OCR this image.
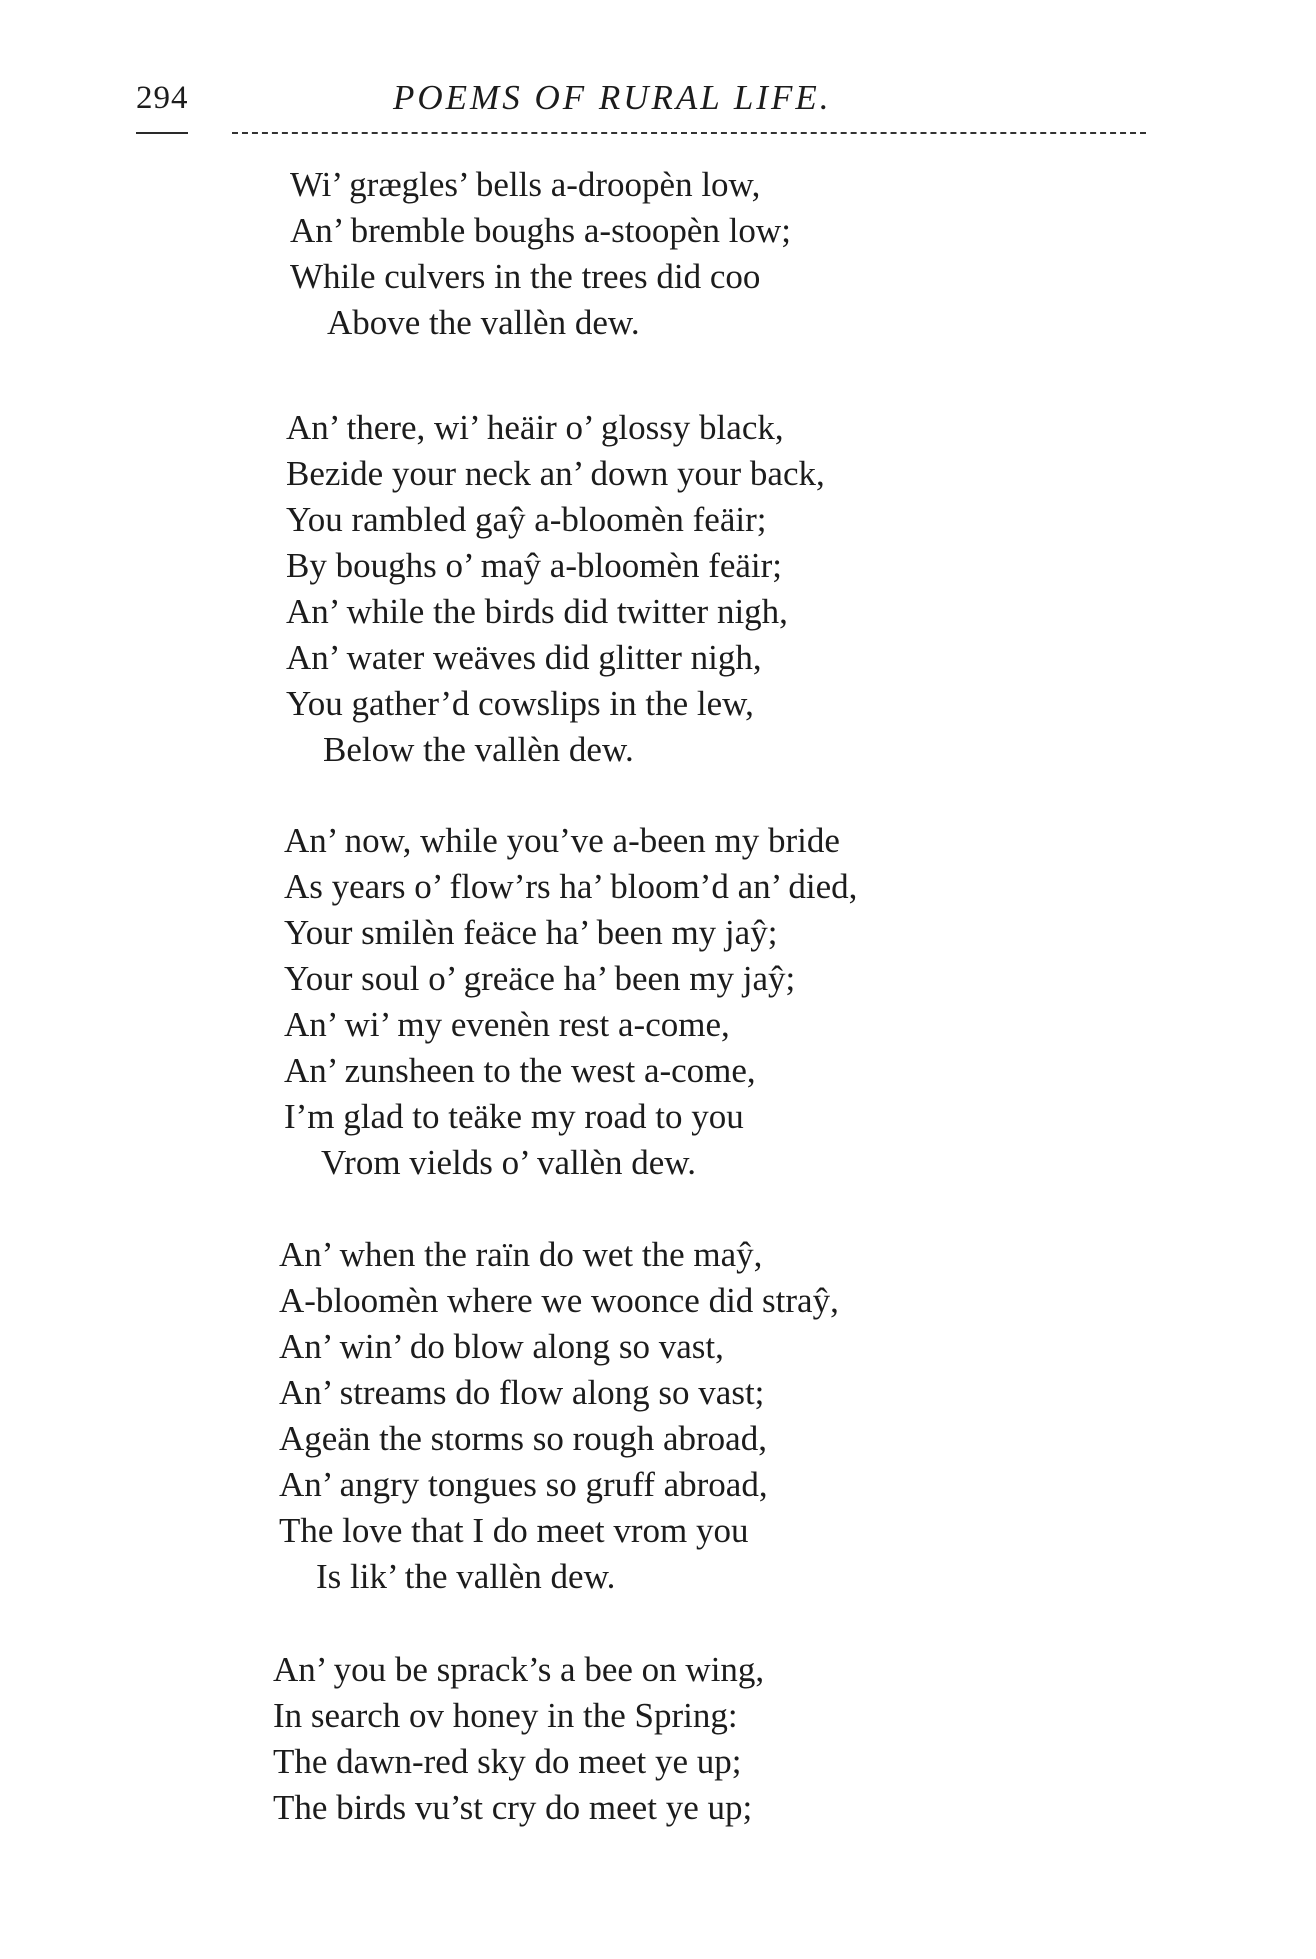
294	POEMS OF RURAL LIFE.
Wi’ grægles’ bells a-droopèn low,
An’ bremble boughs a-stoopèn low;
While culvers in the trees did coo
Above the vallèn dew.
An’ there, wi’ heäir o’ glossy black,
Bezide your neck an’ down your back,
You rambled gaŷ a-bloomèn feäir;
By boughs o’ maŷ a-bloomèn feäir;
An’ while the birds did twitter nigh,
An’ water weäves did glitter nigh,
You gather’d cowslips in the lew,
Below the vallèn dew.
An’ now, while you’ve a-been my bride
As years o’ flow’rs ha’ bloom’d an’ died,
Your smilèn feäce ha’ been my jaŷ;
Your soul o’ greäce ha’ been my jaŷ;
An’ wi’ my evenèn rest a-come,
An’ zunsheen to the west a-come,
I’m glad to teäke my road to you
Vrom vields o’ vallèn dew.
An’ when the raïn do wet the maŷ,
A-bloomèn where we woonce did straŷ,
An’ win’ do blow along so vast,
An’ streams do flow along so vast;
Ageän the storms so rough abroad,
An’ angry tongues so gruff abroad,
The love that I do meet vrom you
Is lik’ the vallèn dew.
An’ you be sprack’s a bee on wing,
In search ov honey in the Spring:
The dawn-red sky do meet ye up;
The birds vu’st cry do meet ye up;
